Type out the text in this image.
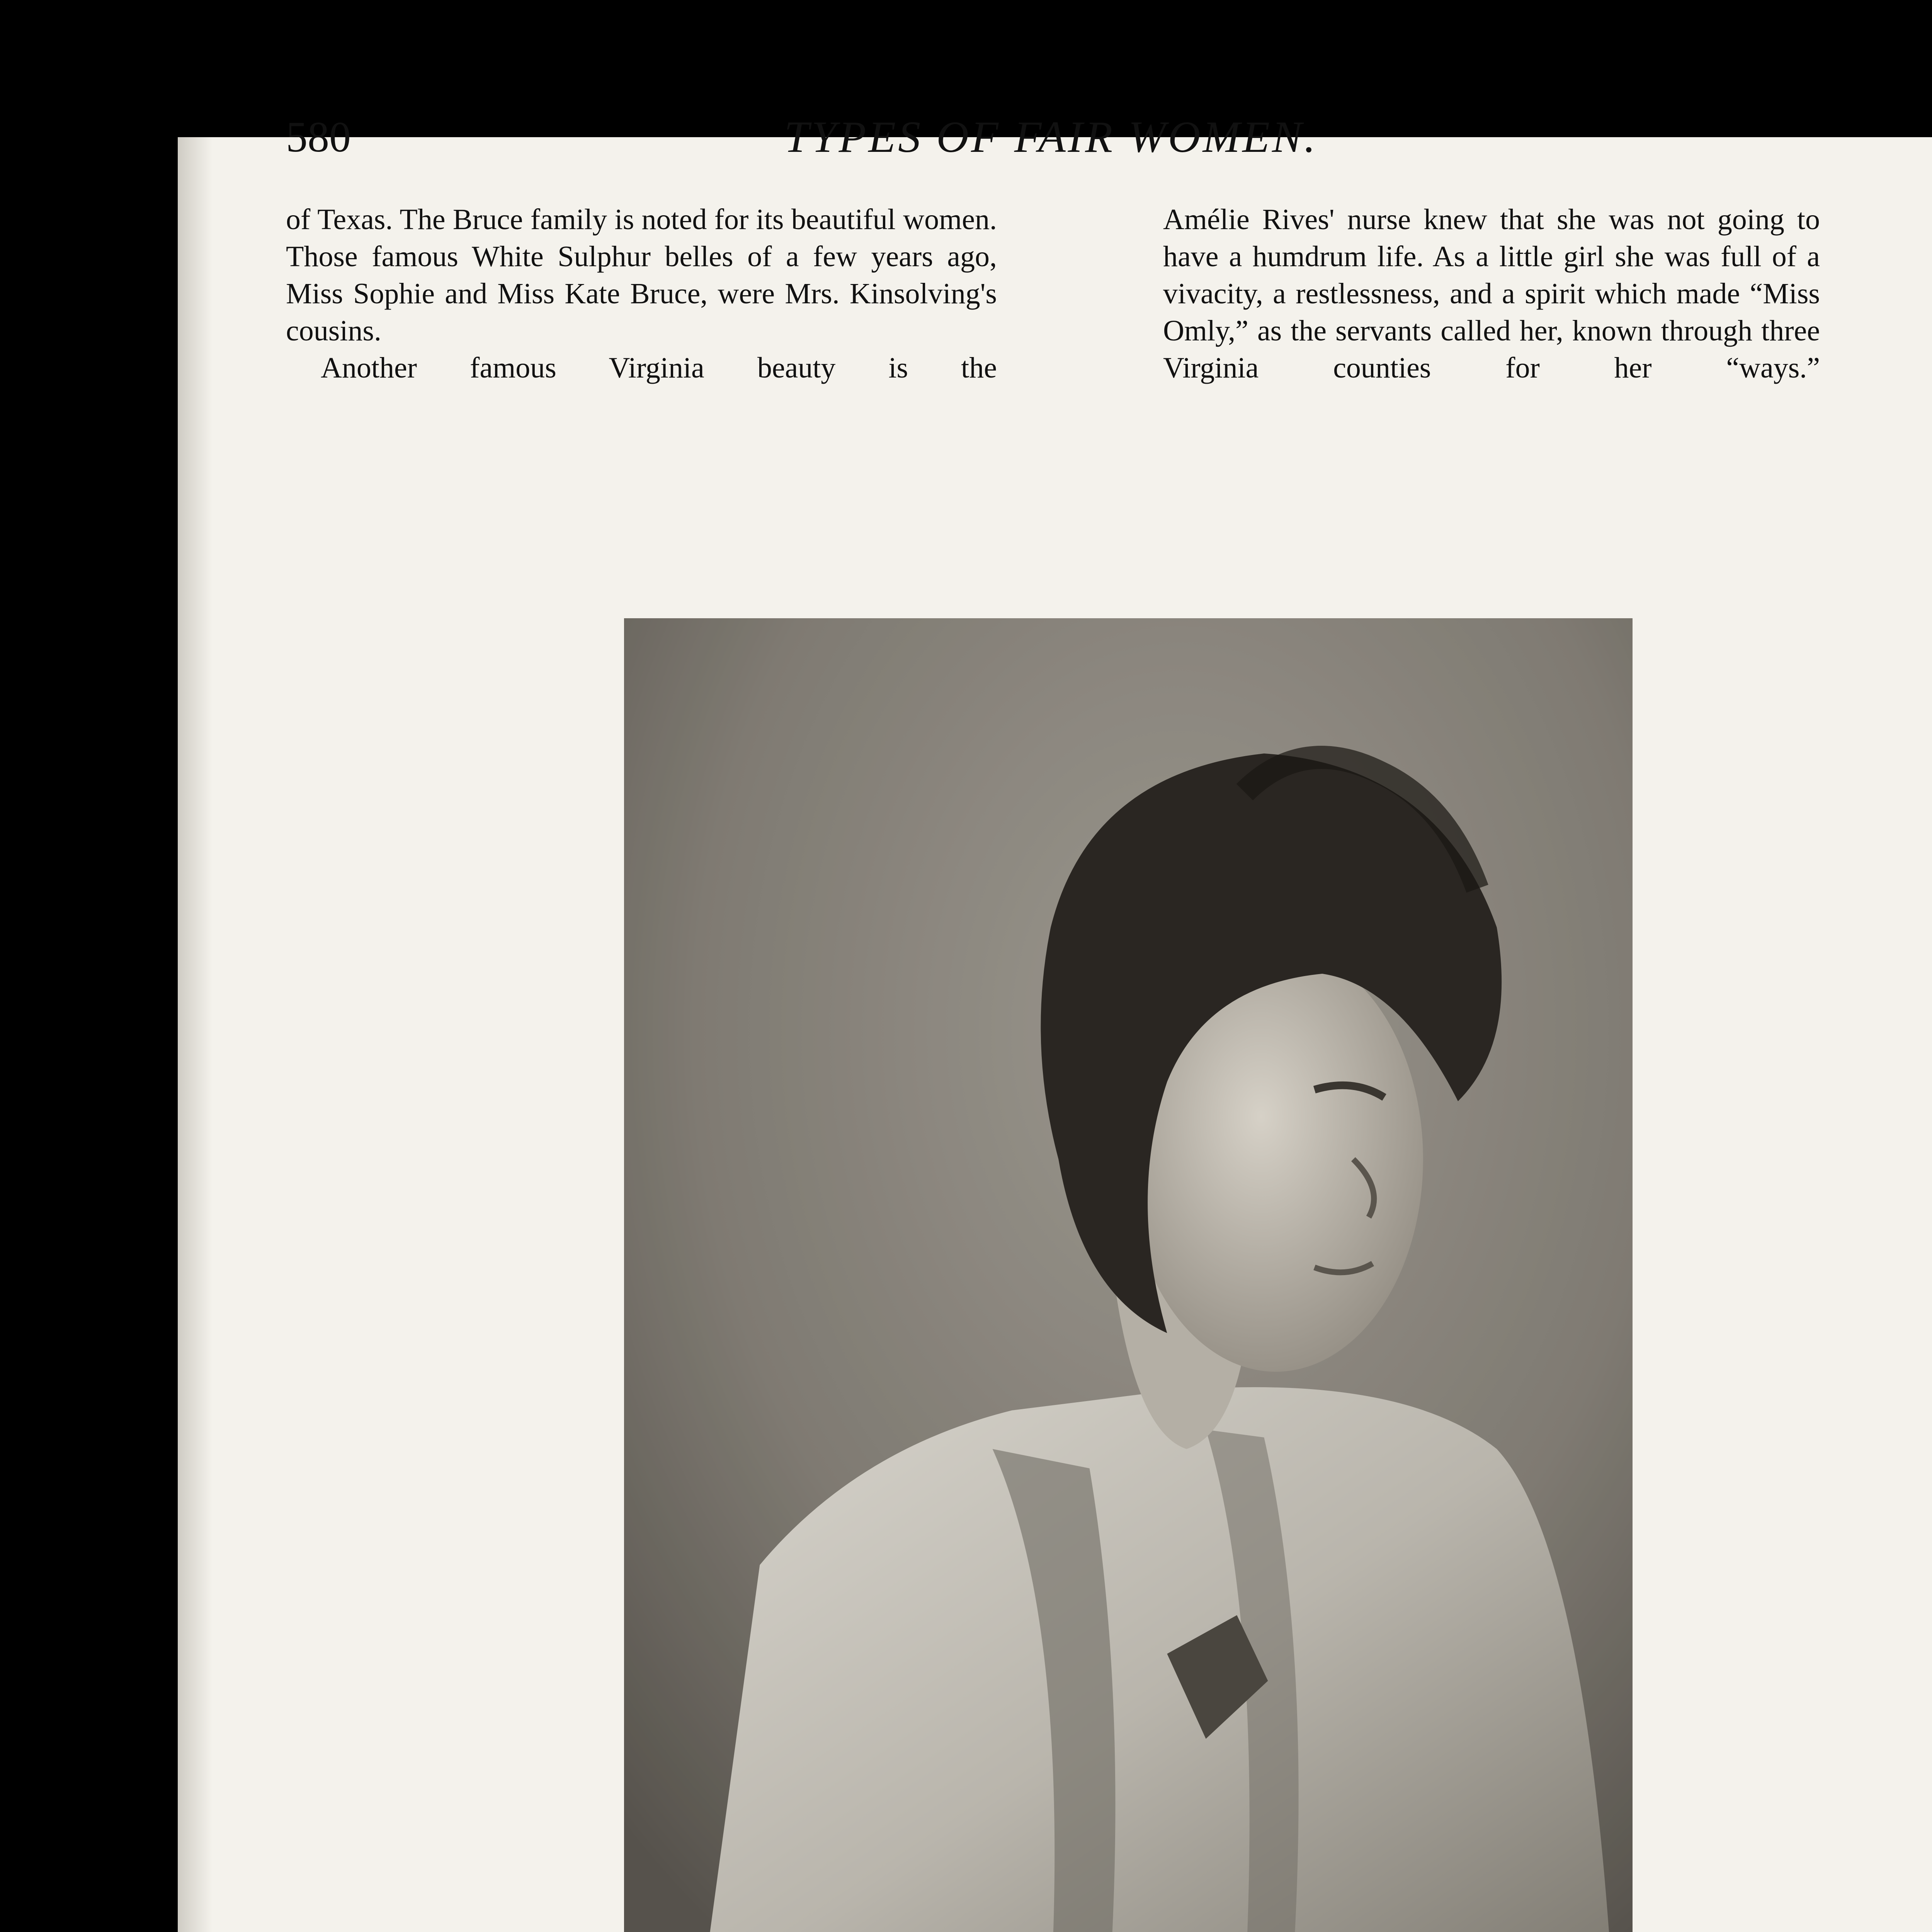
580	TYPES OF FAIR WOMEN.

of Texas. The Bruce family is noted for its beautiful women. Those famous White Sulphur belles of a few years ago, Miss Sophie and Miss Kate Bruce, were Mrs. Kinsolving's cousins.

Another famous Virginia beauty is the

Amélie Rives' nurse knew that she was not going to have a humdrum life. As a little girl she was full of a vivacity, a restlessness, and a spirit which made “Miss Omly,” as the servants called her, known through three Virginia counties for her “ways.”
